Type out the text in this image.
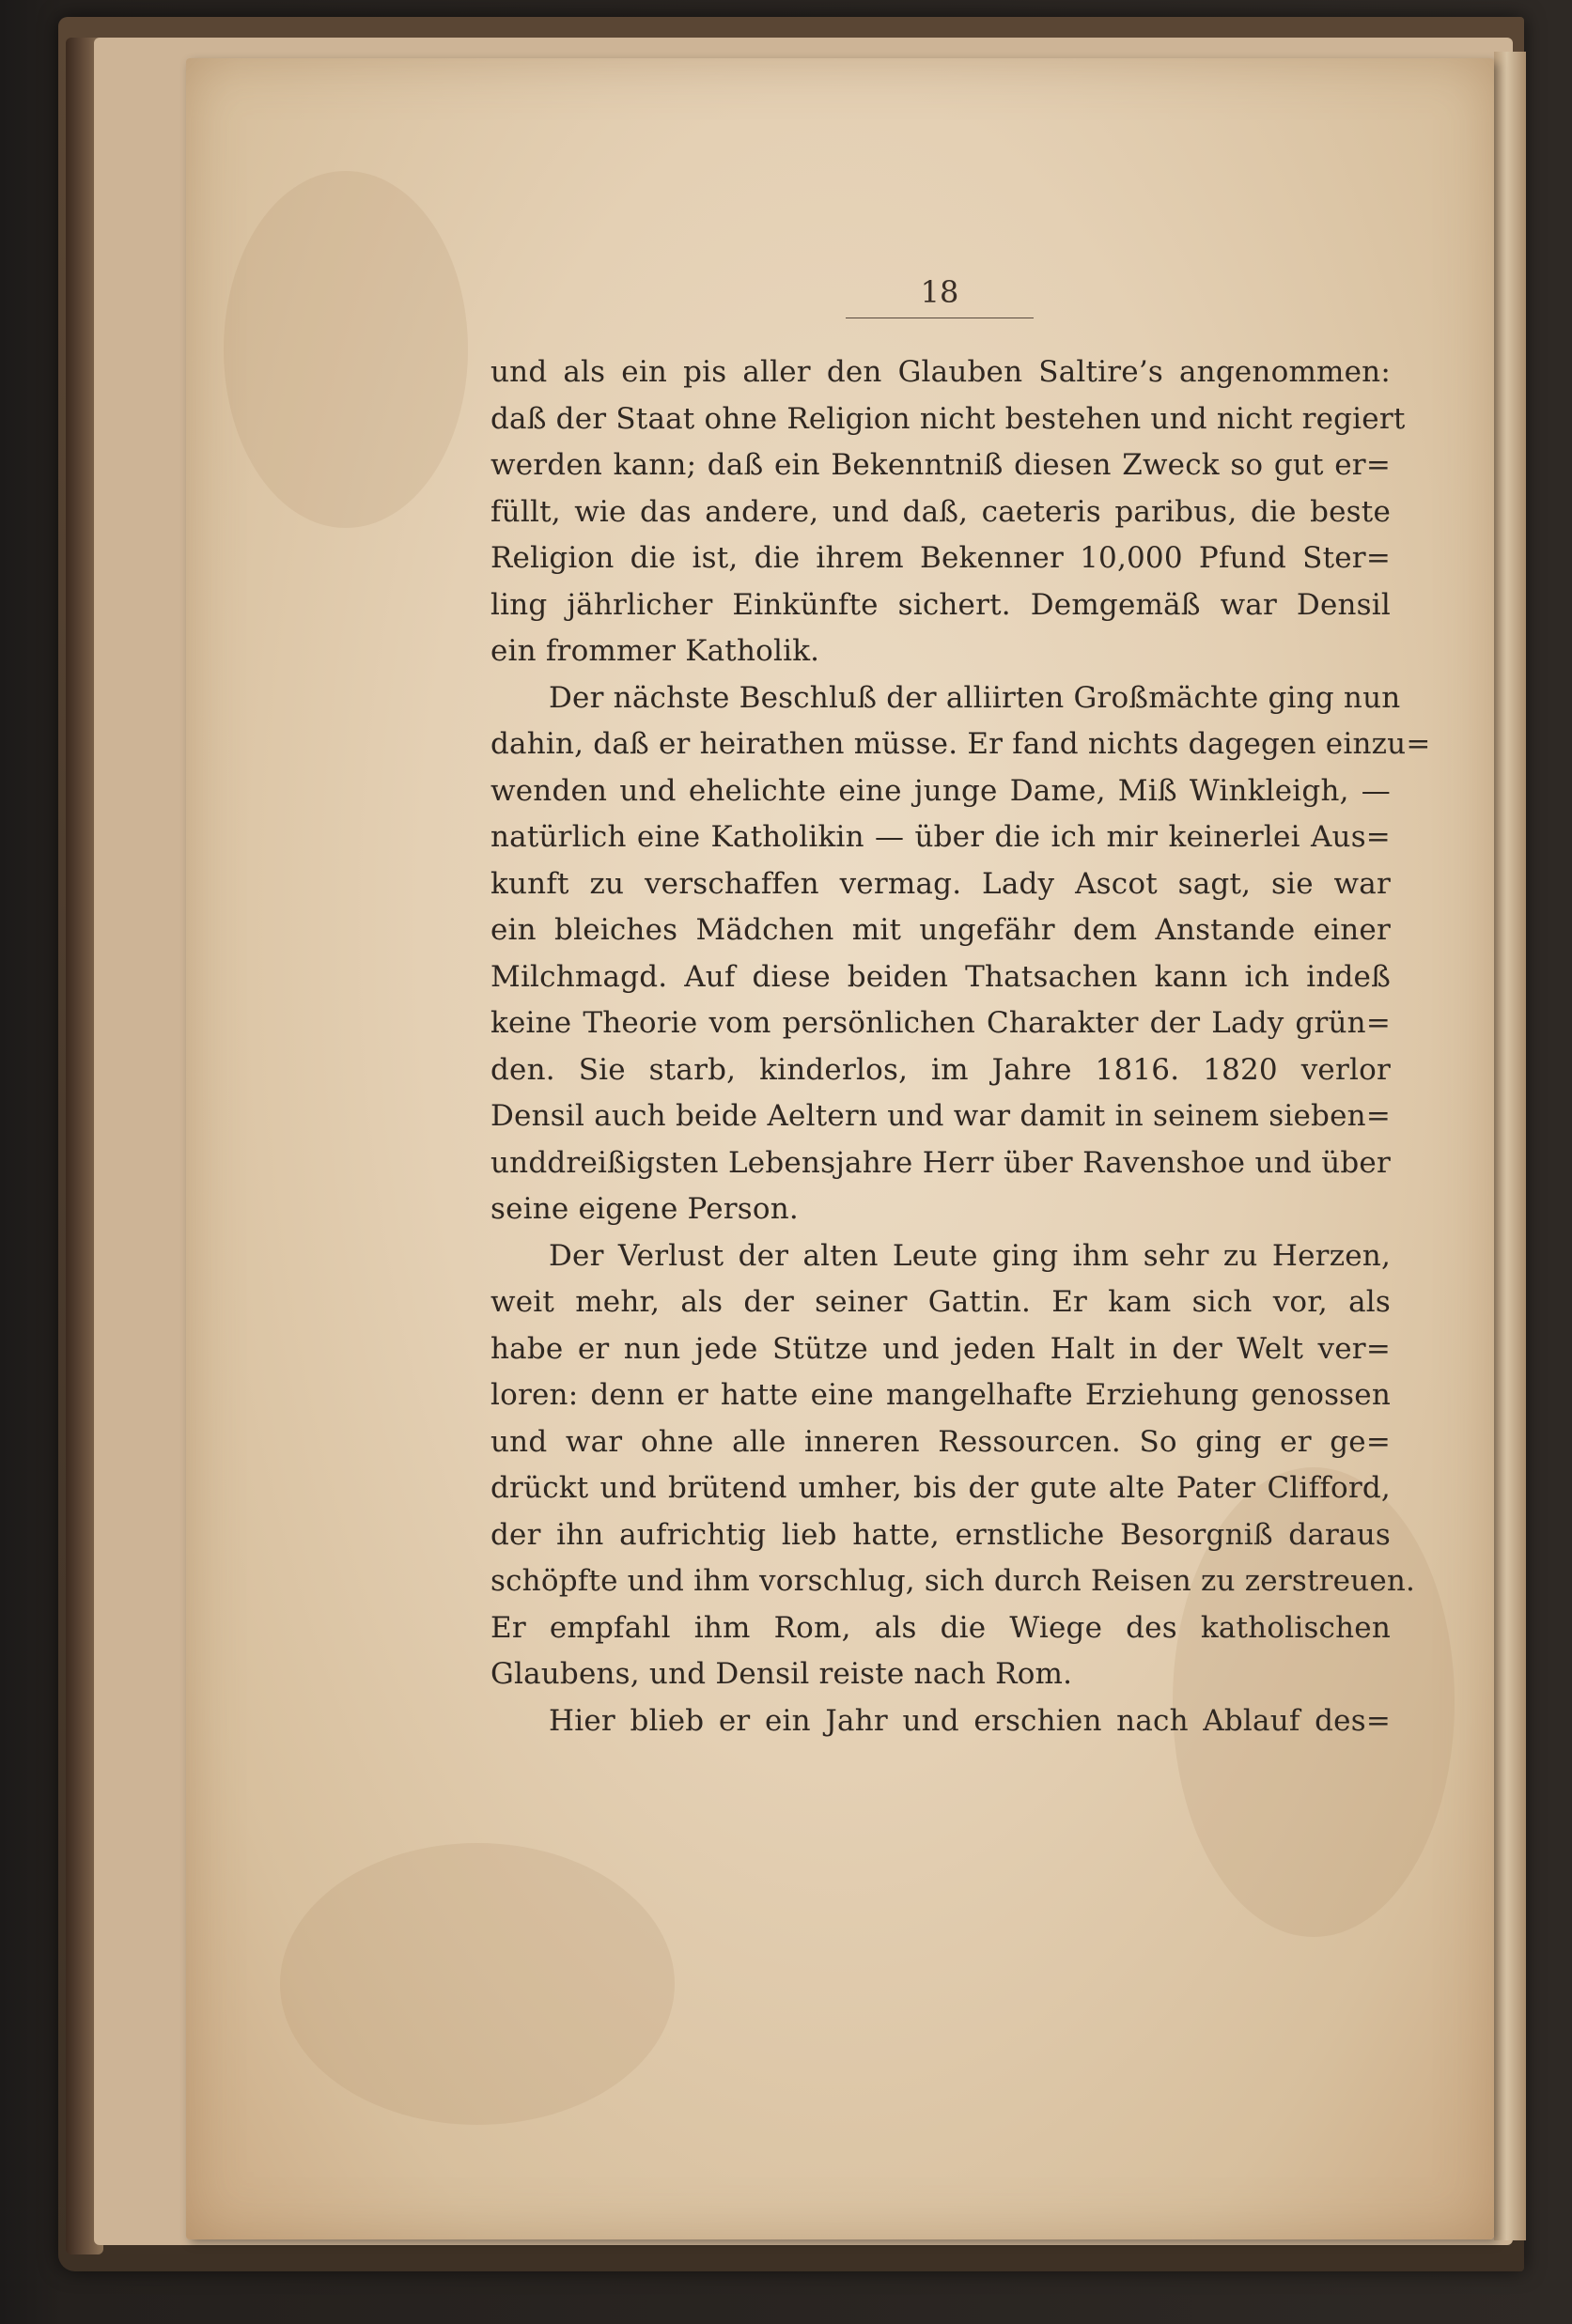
18
und als ein pis aller den Glauben Saltire’s angenommen:
daß der Staat ohne Religion nicht bestehen und nicht regiert
werden kann; daß ein Bekenntniß diesen Zweck so gut er=
füllt, wie das andere, und daß, caeteris paribus, die beste
Religion die ist, die ihrem Bekenner 10,000 Pfund Ster=
ling jährlicher Einkünfte sichert. Demgemäß war Densil
ein frommer Katholik.
Der nächste Beschluß der alliirten Großmächte ging nun
dahin, daß er heirathen müsse. Er fand nichts dagegen einzu=
wenden und ehelichte eine junge Dame, Miß Winkleigh, —
natürlich eine Katholikin — über die ich mir keinerlei Aus=
kunft zu verschaffen vermag. Lady Ascot sagt, sie war
ein bleiches Mädchen mit ungefähr dem Anstande einer
Milchmagd. Auf diese beiden Thatsachen kann ich indeß
keine Theorie vom persönlichen Charakter der Lady grün=
den. Sie starb, kinderlos, im Jahre 1816. 1820 verlor
Densil auch beide Aeltern und war damit in seinem sieben=
unddreißigsten Lebensjahre Herr über Ravenshoe und über
seine eigene Person.
Der Verlust der alten Leute ging ihm sehr zu Herzen,
weit mehr, als der seiner Gattin. Er kam sich vor, als
habe er nun jede Stütze und jeden Halt in der Welt ver=
loren: denn er hatte eine mangelhafte Erziehung genossen
und war ohne alle inneren Ressourcen. So ging er ge=
drückt und brütend umher, bis der gute alte Pater Clifford,
der ihn aufrichtig lieb hatte, ernstliche Besorgniß daraus
schöpfte und ihm vorschlug, sich durch Reisen zu zerstreuen.
Er empfahl ihm Rom, als die Wiege des katholischen
Glaubens, und Densil reiste nach Rom.
Hier blieb er ein Jahr und erschien nach Ablauf des=
